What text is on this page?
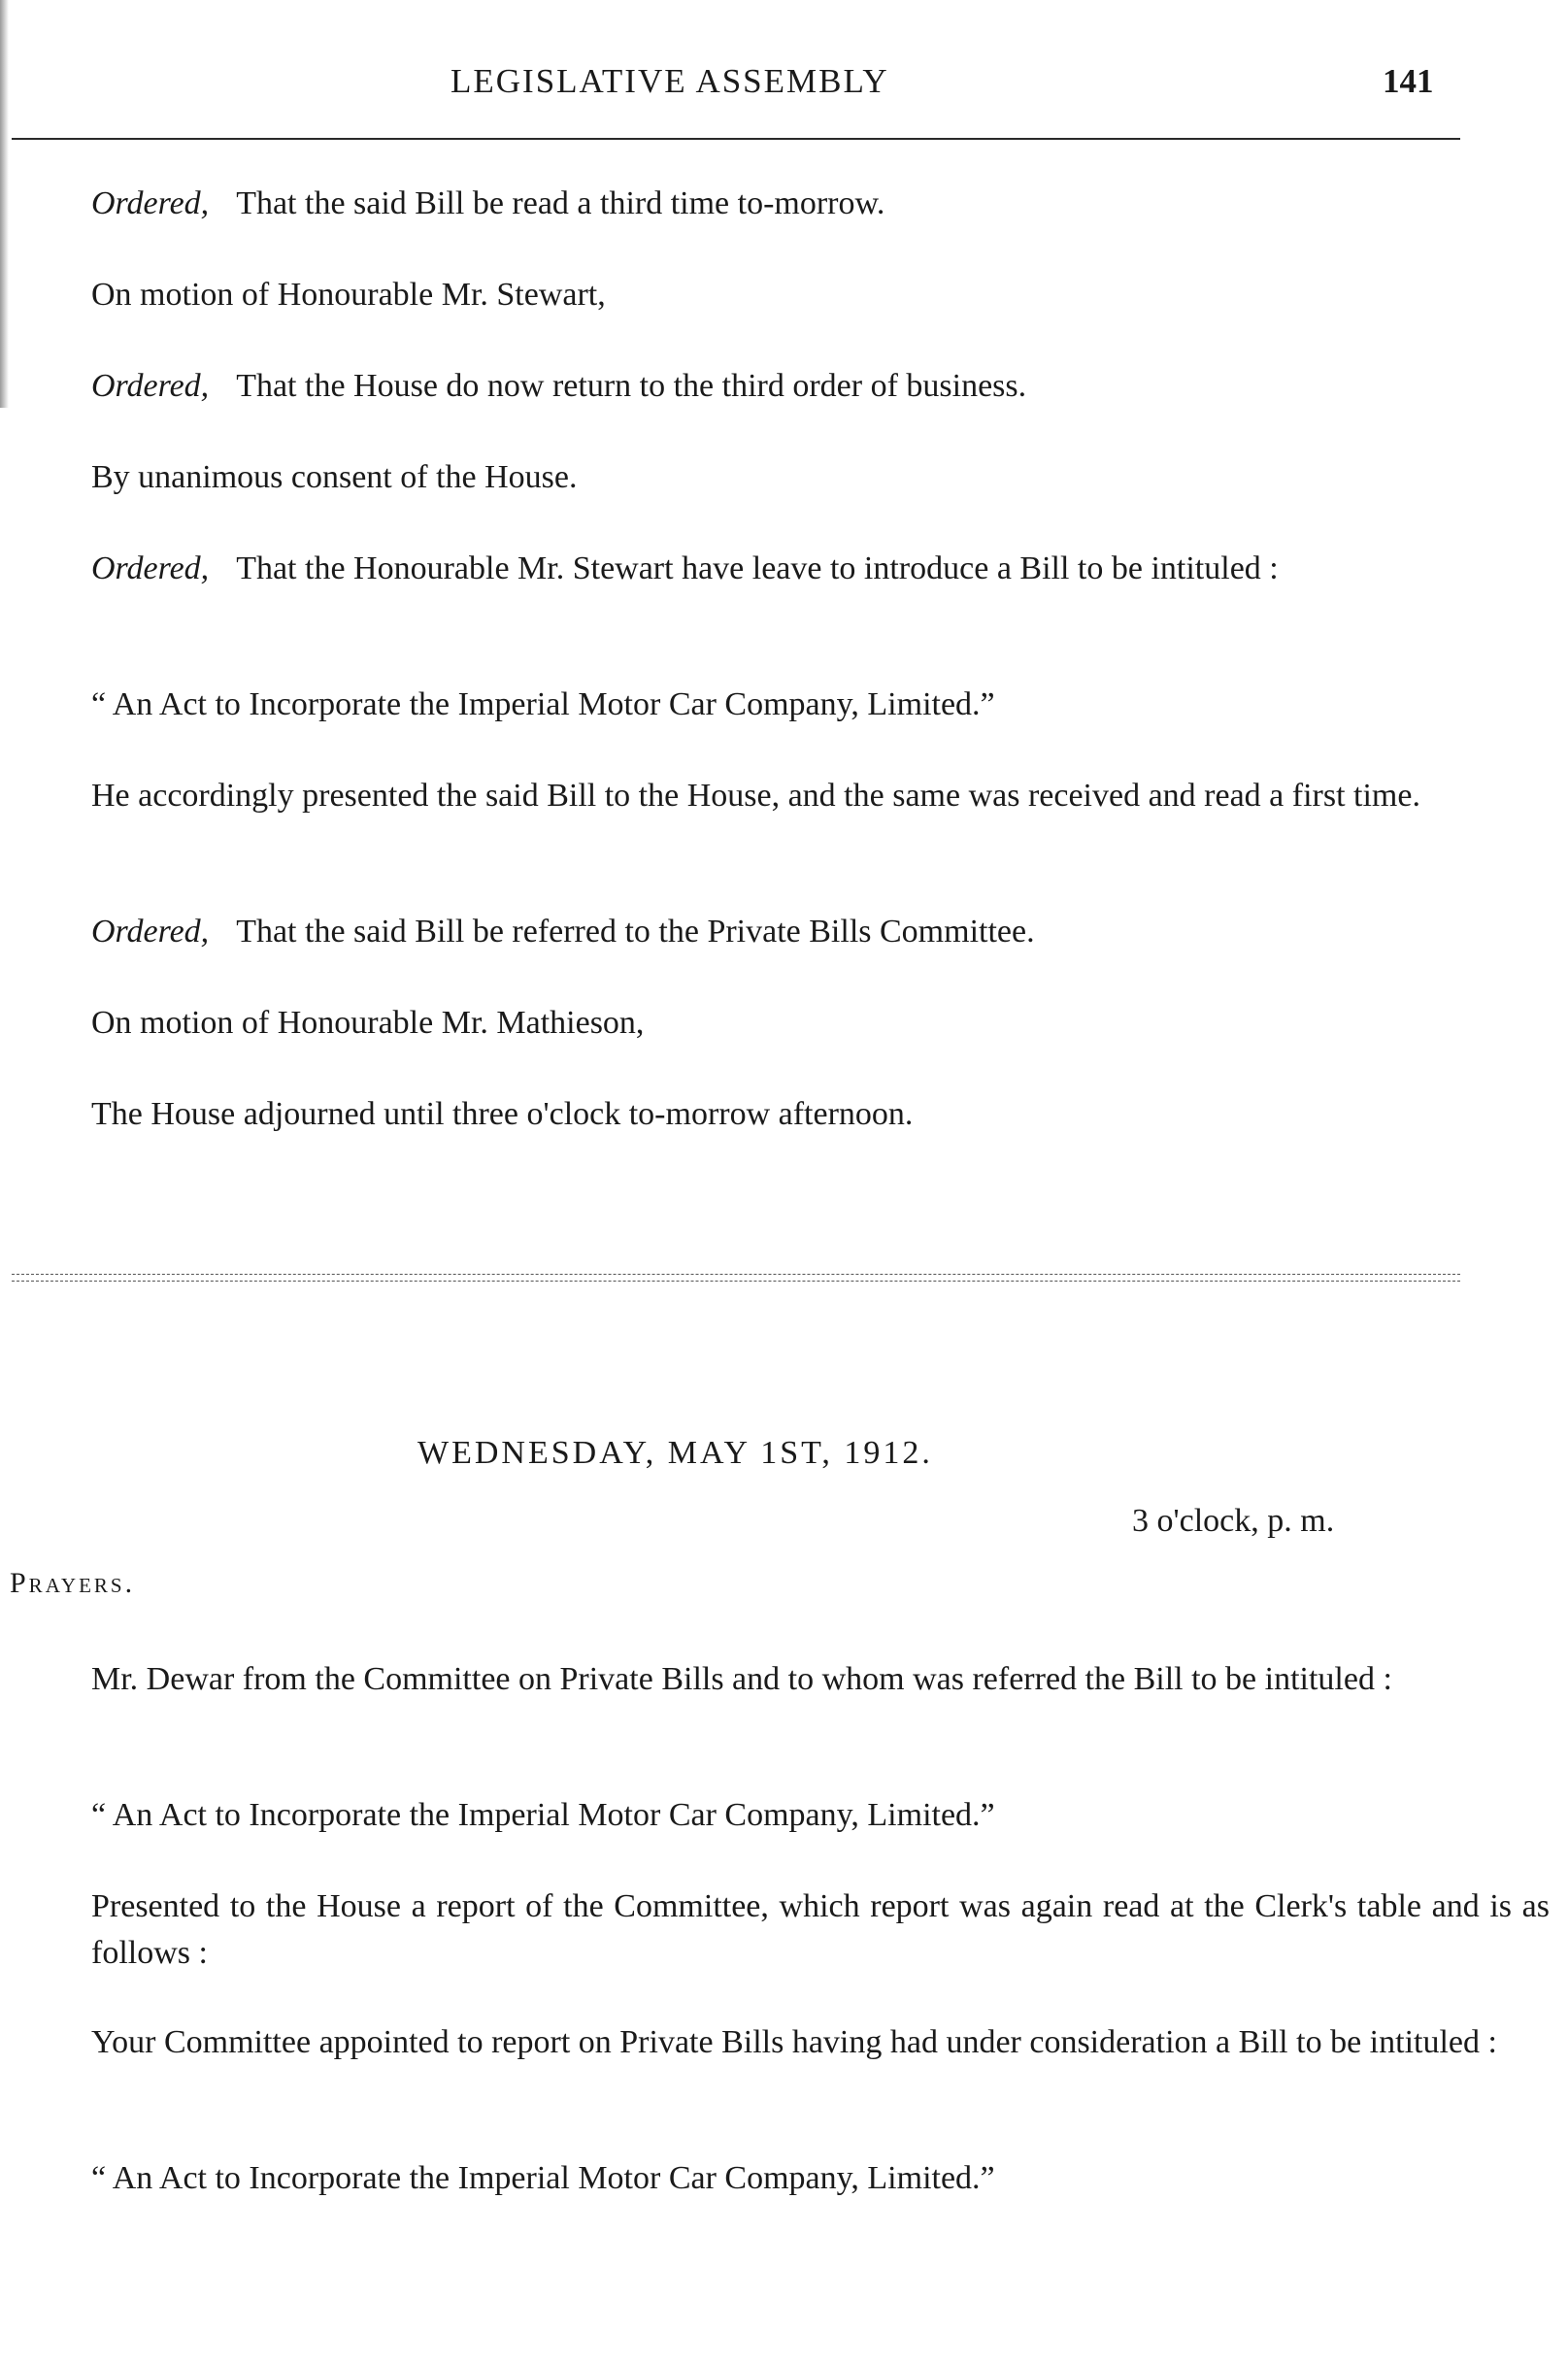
LEGISLATIVE ASSEMBLY	141

Ordered, That the said Bill be read a third time to-morrow.

On motion of Honourable Mr. Stewart,

Ordered, That the House do now return to the third order of business.

By unanimous consent of the House.

Ordered, That the Honourable Mr. Stewart have leave to introduce a Bill to be intituled :

“ An Act to Incorporate the Imperial Motor Car Company, Limited.”

He accordingly presented the said Bill to the House, and the same was received and read a first time.

Ordered, That the said Bill be referred to the Private Bills Committee.

On motion of Honourable Mr. Mathieson,

The House adjourned until three o'clock to-morrow afternoon.

WEDNESDAY, MAY 1ST, 1912.
3 o'clock, p. m.
Prayers.

Mr. Dewar from the Committee on Private Bills and to whom was referred the Bill to be intituled :

“ An Act to Incorporate the Imperial Motor Car Company, Limited.”

Presented to the House a report of the Committee, which report was again read at the Clerk's table and is as follows :

Your Committee appointed to report on Private Bills having had under consideration a Bill to be intituled :

“ An Act to Incorporate the Imperial Motor Car Company, Limited.”
